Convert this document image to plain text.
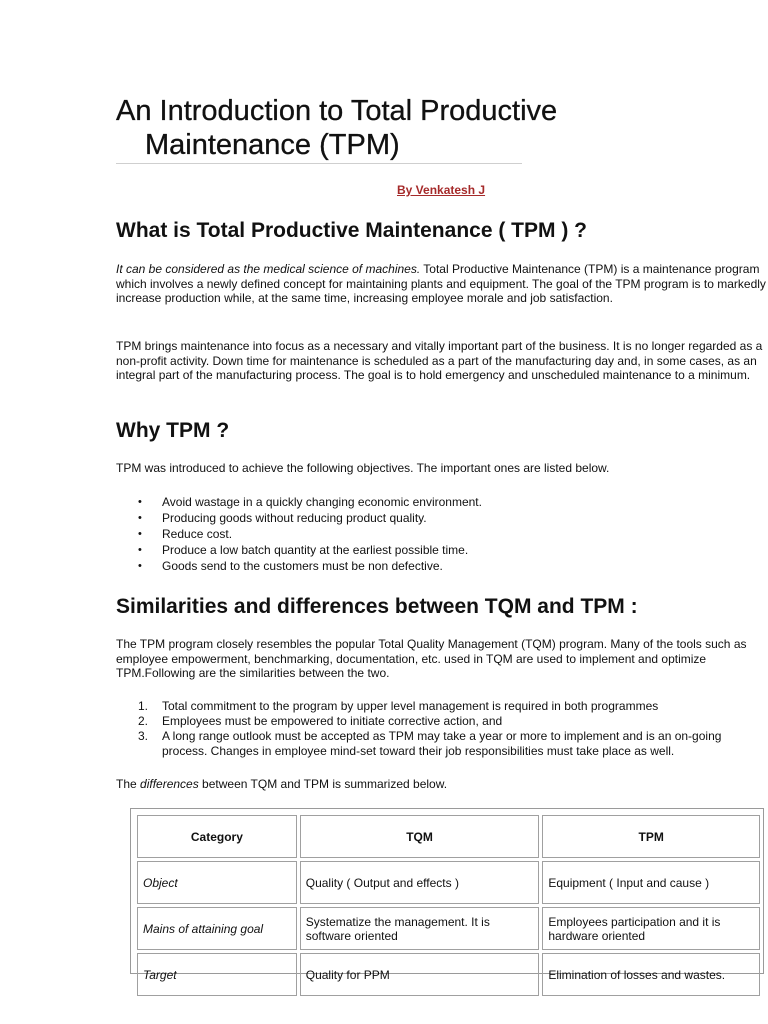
An Introduction to Total Productive Maintenance (TPM)
By Venkatesh J
What is Total Productive Maintenance ( TPM ) ?

It can be considered as the medical science of machines. Total Productive Maintenance (TPM) is a maintenance program which involves a newly defined concept for maintaining plants and equipment. The goal of the TPM program is to markedly increase production while, at the same time, increasing employee morale and job satisfaction.

TPM brings maintenance into focus as a necessary and vitally important part of the business. It is no longer regarded as a non-profit activity. Down time for maintenance is scheduled as a part of the manufacturing day and, in some cases, as an integral part of the manufacturing process. The goal is to hold emergency and unscheduled maintenance to a minimum.

Why TPM ?

TPM was introduced to achieve the following objectives. The important ones are listed below.

• Avoid wastage in a quickly changing economic environment.
• Producing goods without reducing product quality.
• Reduce cost.
• Produce a low batch quantity at the earliest possible time.
• Goods send to the customers must be non defective.
Similarities and differences between TQM and TPM :

The TPM program closely resembles the popular Total Quality Management (TQM) program. Many of the tools such as employee empowerment, benchmarking, documentation, etc. used in TQM are used to implement and optimize TPM.Following are the similarities between the two.

1. Total commitment to the program by upper level management is required in both programmes
2. Employees must be empowered to initiate corrective action, and
3. A long range outlook must be accepted as TPM may take a year or more to implement and is an on-going process. Changes in employee mind-set toward their job responsibilities must take place as well.

The differences between TQM and TPM is summarized below.

Category	TQM	TPM
Object	Quality ( Output and effects )	Equipment ( Input and cause )
Mains of attaining goal	Systematize the management. It is software oriented	Employees participation and it is hardware oriented
Target	Quality for PPM	Elimination of losses and wastes.
